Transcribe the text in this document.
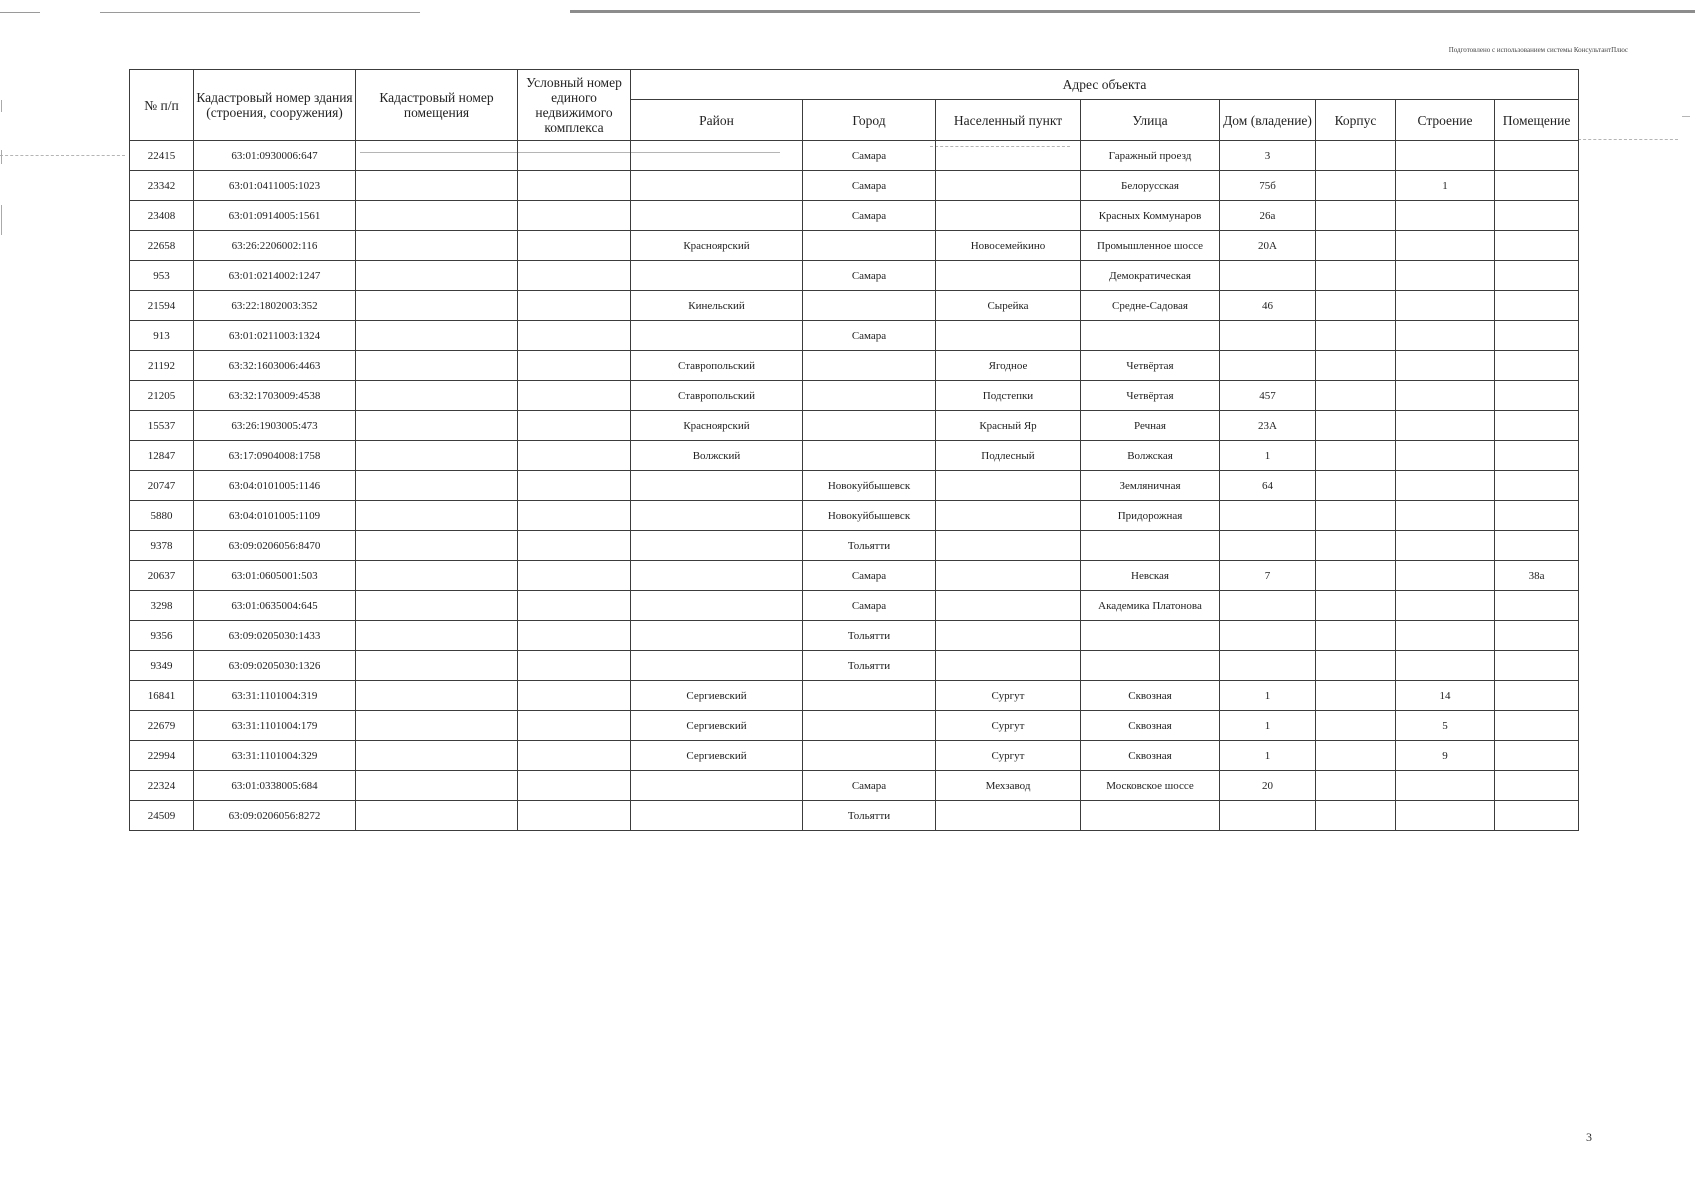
Подготовлено с использованием системы КонсультантПлюс
№ п/п	Кадастровый номер здания (строения, сооружения)	Кадастровый номер помещения	Условный номер единого недвижимого комплекса	Адрес объекта							
				Район	Город	Населенный пункт	Улица	Дом (владение)	Корпус	Строение	Помещение
22415	63:01:0930006:647				Самара		Гаражный проезд	3			
23342	63:01:0411005:1023				Самара		Белорусская	75б		1	
23408	63:01:0914005:1561				Самара		Красных Коммунаров	26а			
22658	63:26:2206002:116			Красноярский		Новосемейкино	Промышленное шоссе	20А			
953	63:01:0214002:1247				Самара		Демократическая				
21594	63:22:1802003:352			Кинельский		Сырейка	Средне-Садовая	46			
913	63:01:0211003:1324				Самара						
21192	63:32:1603006:4463			Ставропольский		Ягодное	Четвёртая				
21205	63:32:1703009:4538			Ставропольский		Подстепки	Четвёртая	457			
15537	63:26:1903005:473			Красноярский		Красный Яр	Речная	23А			
12847	63:17:0904008:1758			Волжский		Подлесный	Волжская	1			
20747	63:04:0101005:1146				Новокуйбышевск		Земляничная	64			
5880	63:04:0101005:1109				Новокуйбышевск		Придорожная				
9378	63:09:0206056:8470				Тольятти						
20637	63:01:0605001:503				Самара		Невская	7			38а
3298	63:01:0635004:645				Самара		Академика Платонова				
9356	63:09:0205030:1433				Тольятти						
9349	63:09:0205030:1326				Тольятти						
16841	63:31:1101004:319			Сергиевский		Сургут	Сквозная	1		14	
22679	63:31:1101004:179			Сергиевский		Сургут	Сквозная	1		5	
22994	63:31:1101004:329			Сергиевский		Сургут	Сквозная	1		9	
22324	63:01:0338005:684				Самара	Мехзавод	Московское шоссе	20			
24509	63:09:0206056:8272				Тольятти						
3
